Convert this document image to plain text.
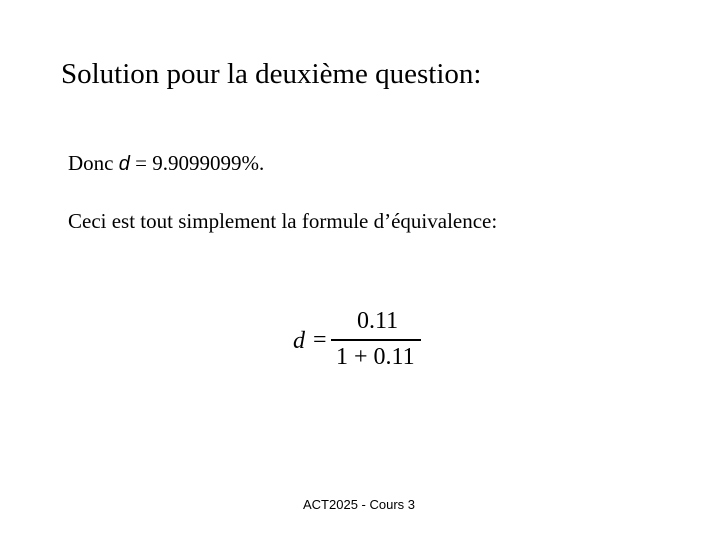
Solution pour la deuxième question:
Donc d = 9.9099099%.
Ceci est tout simplement la formule d’équivalence:
d =
0.11
1 + 0.11
ACT2025 - Cours 3
